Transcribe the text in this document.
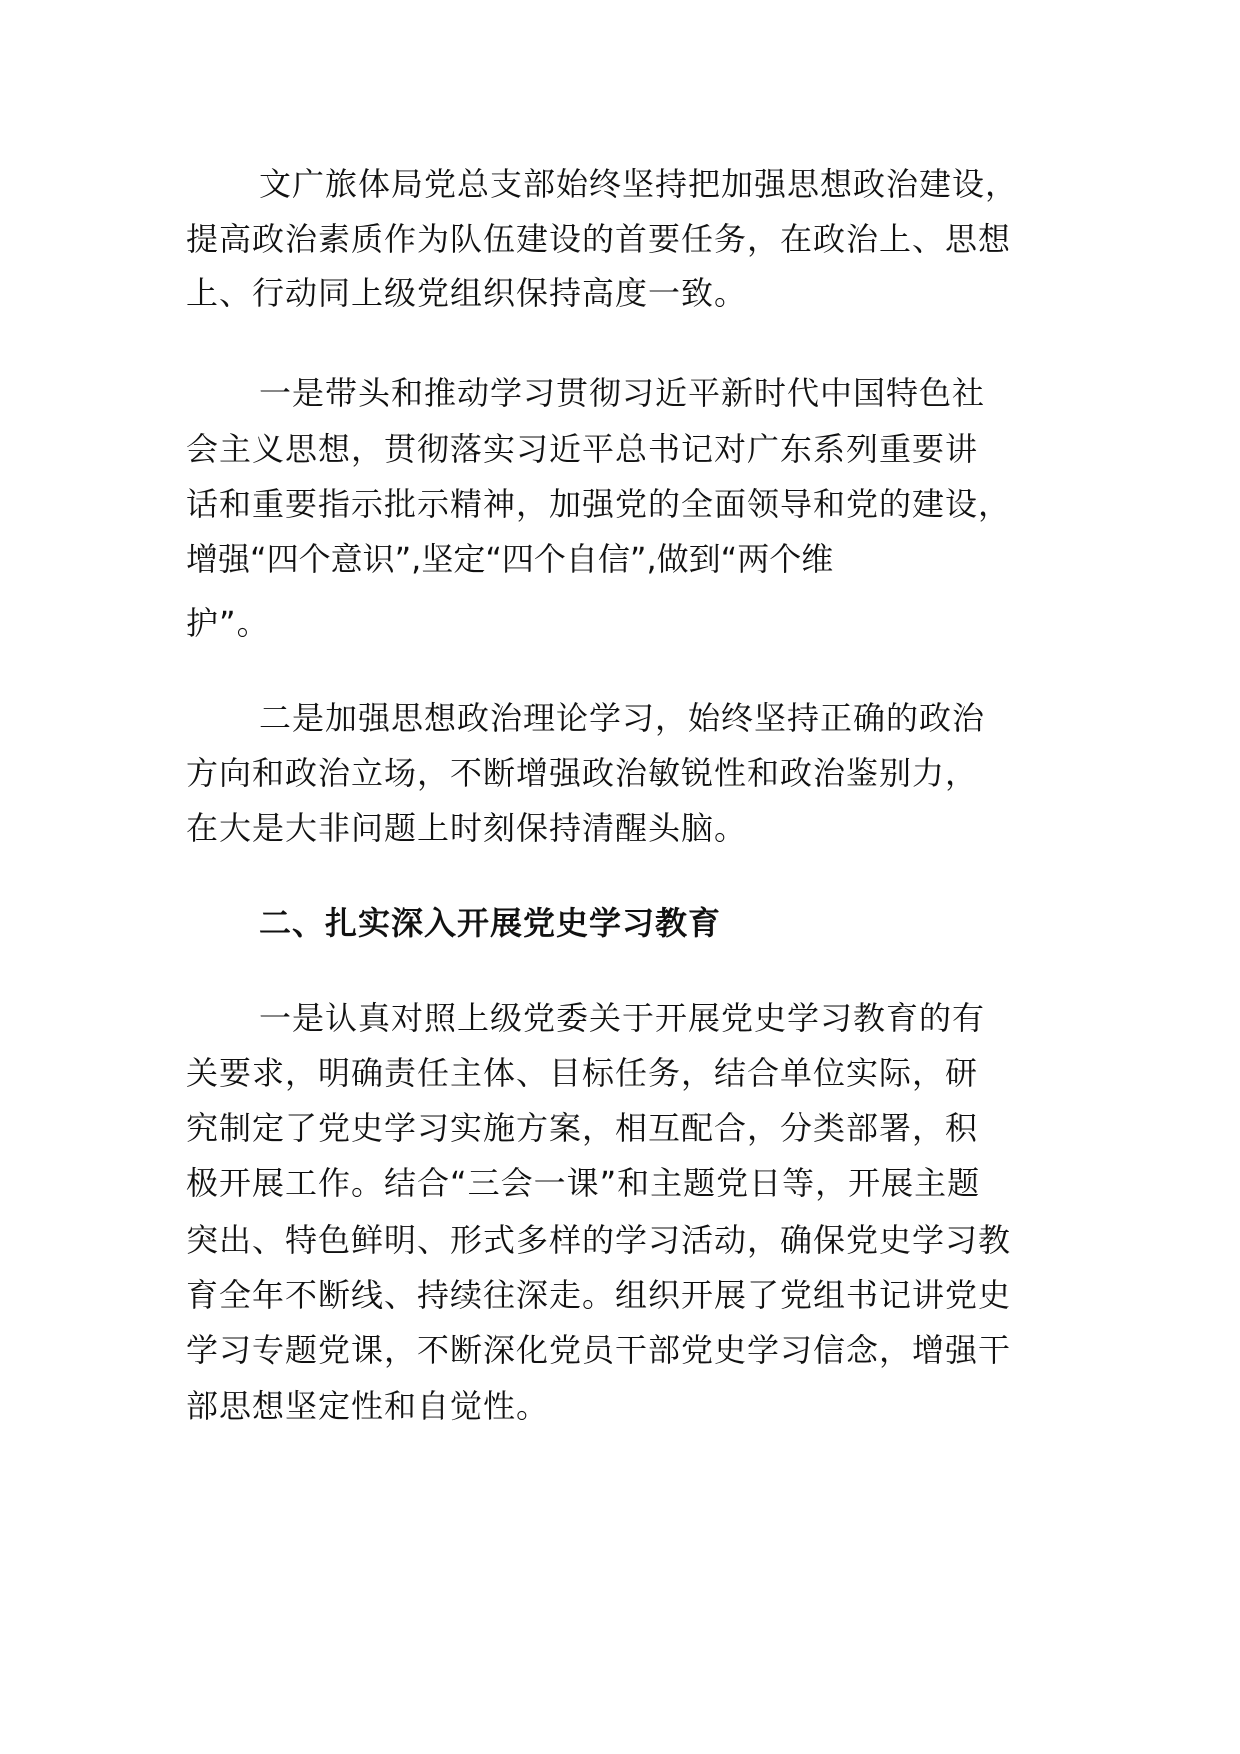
文广旅体局党总支部始终坚持把加强思想政治建设，
提高政治素质作为队伍建设的首要任务，在政治上、思想
上、行动同上级党组织保持高度一致。
一是带头和推动学习贯彻习近平新时代中国特色社
会主义思想，贯彻落实习近平总书记对广东系列重要讲
话和重要指示批示精神，加强党的全面领导和党的建设，
增强“四个意识”,坚定“四个自信”,做到“两个维
护”。
二是加强思想政治理论学习，始终坚持正确的政治
方向和政治立场，不断增强政治敏锐性和政治鉴别力，
在大是大非问题上时刻保持清醒头脑。
二、扎实深入开展党史学习教育
一是认真对照上级党委关于开展党史学习教育的有
关要求，明确责任主体、目标任务，结合单位实际，研
究制定了党史学习实施方案，相互配合，分类部署，积
极开展工作。结合“三会一课”和主题党日等，开展主题
突出、特色鲜明、形式多样的学习活动，确保党史学习教
育全年不断线、持续往深走。组织开展了党组书记讲党史
学习专题党课，不断深化党员干部党史学习信念，增强干
部思想坚定性和自觉性。
